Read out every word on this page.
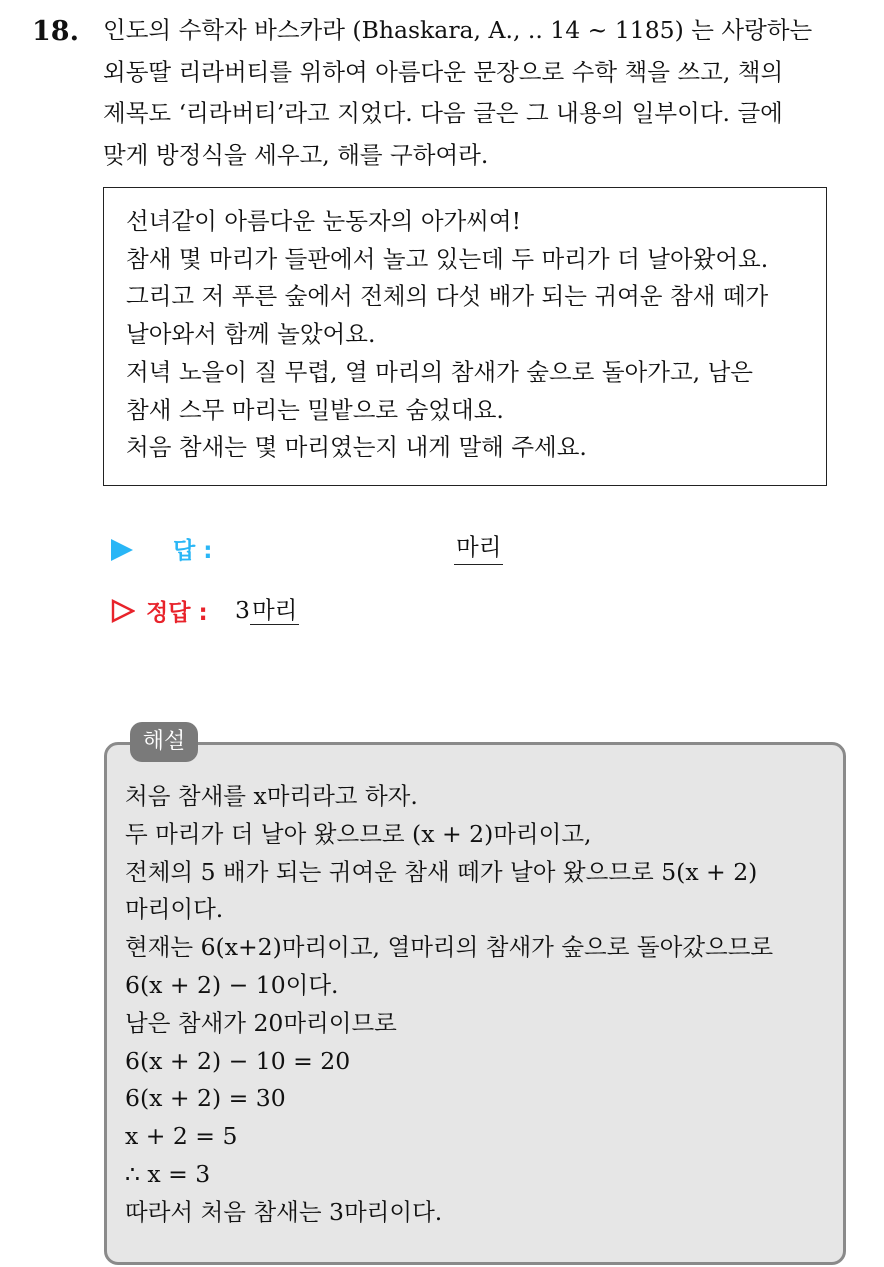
18. 인도의 수학자 바스카라 (Bhaskara, A., .. 14 ~ 1185) 는 사랑하는
외동딸 리라버티를 위하여 아름다운 문장으로 수학 책을 쓰고, 책의
제목도 ‘리라버티’라고 지었다. 다음 글은 그 내용의 일부이다. 글에
맞게 방정식을 세우고, 해를 구하여라.
선녀같이 아름다운 눈동자의 아가씨여!
참새 몇 마리가 들판에서 놀고 있는데 두 마리가 더 날아왔어요.
그리고 저 푸른 숲에서 전체의 다섯 배가 되는 귀여운 참새 떼가
날아와서 함께 놀았어요.
저녁 노을이 질 무렵, 열 마리의 참새가 숲으로 돌아가고, 남은
참새 스무 마리는 밀밭으로 숨었대요.
처음 참새는 몇 마리였는지 내게 말해 주세요.
답 :	마리
정답 : 3마리
해설
처음 참새를 x마리라고 하자.
두 마리가 더 날아 왔으므로 (x + 2)마리이고,
전체의 5 배가 되는 귀여운 참새 떼가 날아 왔으므로 5(x + 2)
마리이다.
현재는 6(x+2)마리이고, 열마리의 참새가 숲으로 돌아갔으므로
6(x + 2) − 10이다.
남은 참새가 20마리이므로
6(x + 2) − 10 = 20
6(x + 2) = 30
x + 2 = 5
∴ x = 3
따라서 처음 참새는 3마리이다.
